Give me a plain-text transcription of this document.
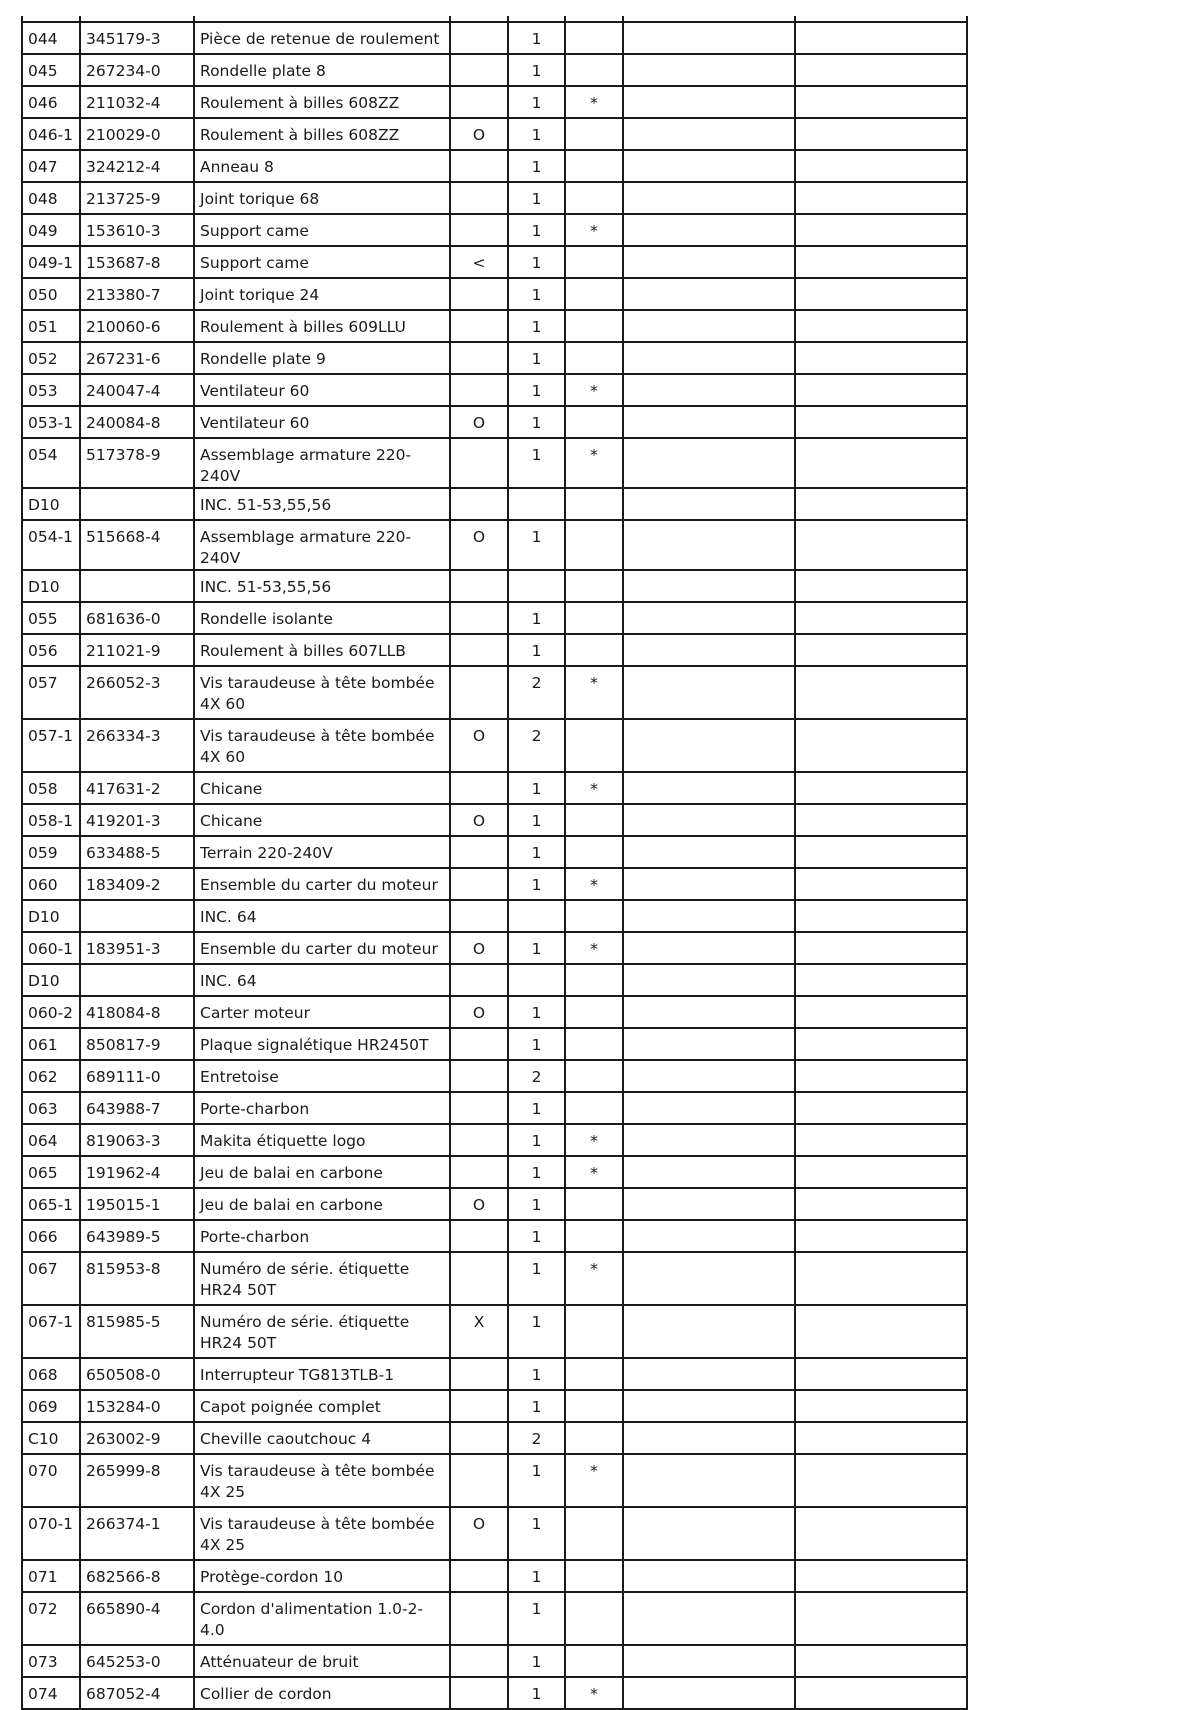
044	345179-3	Pièce de retenue de roulement		1			
045	267234-0	Rondelle plate 8		1			
046	211032-4	Roulement à billes 608ZZ		1	*		
046-1	210029-0	Roulement à billes 608ZZ	O	1			
047	324212-4	Anneau 8		1			
048	213725-9	Joint torique 68		1			
049	153610-3	Support came		1	*		
049-1	153687-8	Support came	<	1			
050	213380-7	Joint torique 24		1			
051	210060-6	Roulement à billes 609LLU		1			
052	267231-6	Rondelle plate 9		1			
053	240047-4	Ventilateur 60		1	*		
053-1	240084-8	Ventilateur 60	O	1			
054	517378-9	Assemblage armature 220-240V		1	*		
D10		INC. 51-53,55,56					
054-1	515668-4	Assemblage armature 220-240V	O	1			
D10		INC. 51-53,55,56					
055	681636-0	Rondelle isolante		1			
056	211021-9	Roulement à billes 607LLB		1			
057	266052-3	Vis taraudeuse à tête bombée 4X 60		2	*		
057-1	266334-3	Vis taraudeuse à tête bombée 4X 60	O	2			
058	417631-2	Chicane		1	*		
058-1	419201-3	Chicane	O	1			
059	633488-5	Terrain 220-240V		1			
060	183409-2	Ensemble du carter du moteur		1	*		
D10		INC. 64					
060-1	183951-3	Ensemble du carter du moteur	O	1	*		
D10		INC. 64					
060-2	418084-8	Carter moteur	O	1			
061	850817-9	Plaque signalétique HR2450T		1			
062	689111-0	Entretoise		2			
063	643988-7	Porte-charbon		1			
064	819063-3	Makita étiquette logo		1	*		
065	191962-4	Jeu de balai en carbone		1	*		
065-1	195015-1	Jeu de balai en carbone	O	1			
066	643989-5	Porte-charbon		1			
067	815953-8	Numéro de série. étiquette HR24 50T		1	*		
067-1	815985-5	Numéro de série. étiquette HR24 50T	X	1			
068	650508-0	Interrupteur TG813TLB-1		1			
069	153284-0	Capot poignée complet		1			
C10	263002-9	Cheville caoutchouc 4		2			
070	265999-8	Vis taraudeuse à tête bombée 4X 25		1	*		
070-1	266374-1	Vis taraudeuse à tête bombée 4X 25	O	1			
071	682566-8	Protège-cordon 10		1			
072	665890-4	Cordon d'alimentation 1.0-2-4.0		1			
073	645253-0	Atténuateur de bruit		1			
074	687052-4	Collier de cordon		1	*		
